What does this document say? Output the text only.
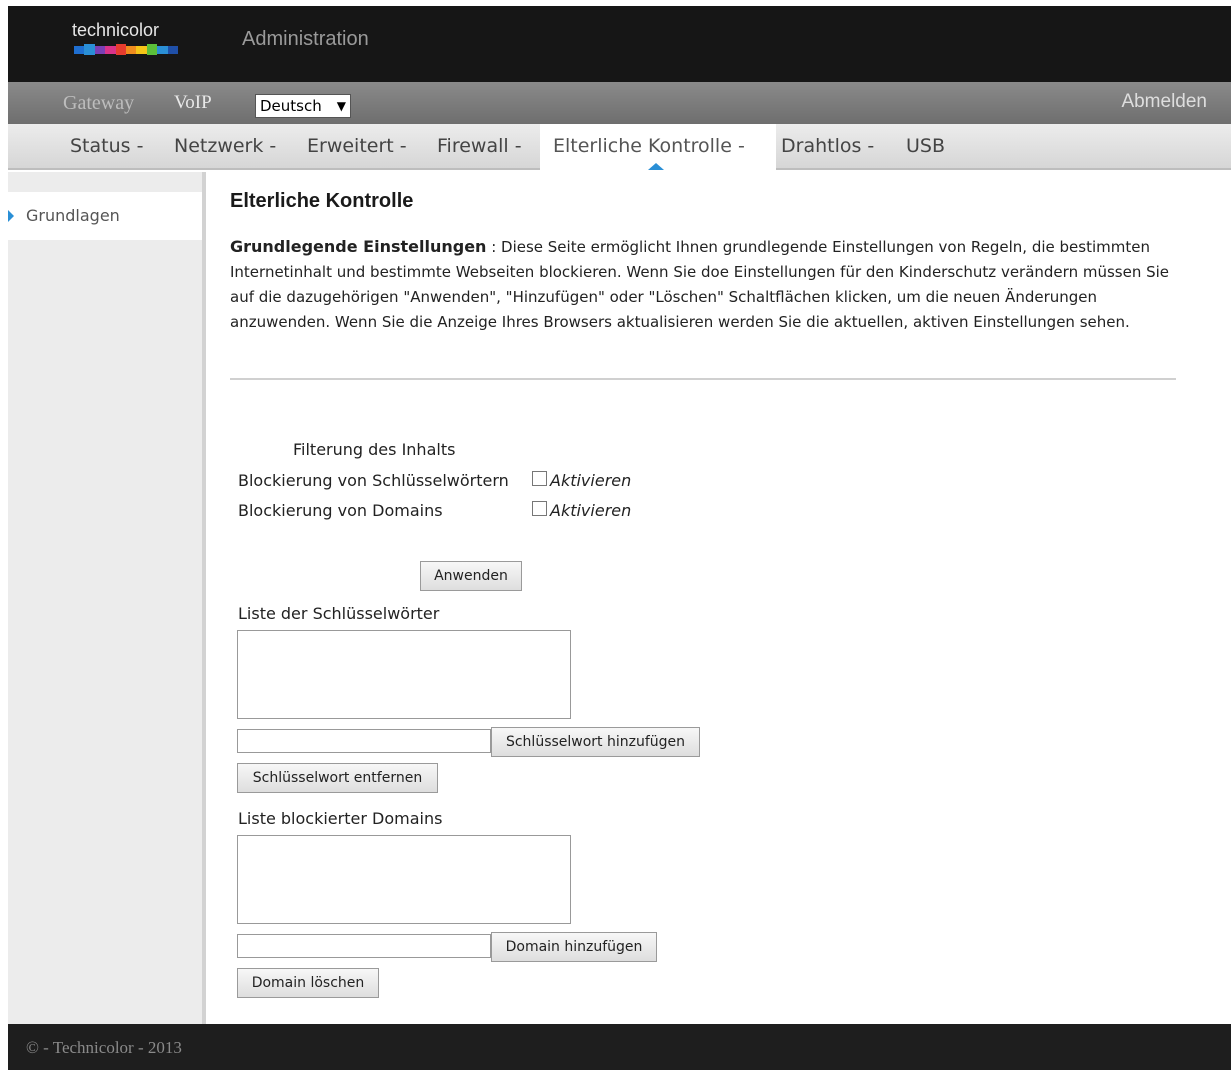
technicolor	Administration
Gateway VoIP	Deutsch ▼	Abmelden
Status - Netzwerk - Erweitert - Firewall - Elterliche Kontrolle - Drahtlos - USB
Grundlagen
Elterliche Kontrolle
Grundlegende Einstellungen : Diese Seite ermöglicht Ihnen grundlegende Einstellungen von Regeln, die bestimmten Internetinhalt und bestimmte Webseiten blockieren. Wenn Sie doe Einstellungen für den Kinderschutz verändern müssen Sie auf die dazugehörigen "Anwenden", "Hinzufügen" oder "Löschen" Schaltflächen klicken, um die neuen Änderungen anzuwenden. Wenn Sie die Anzeige Ihres Browsers aktualisieren werden Sie die aktuellen, aktiven Einstellungen sehen.
Filterung des Inhalts
Blockierung von Schlüsselwörtern	Aktivieren
Blockierung von Domains	Aktivieren
Anwenden
Liste der Schlüsselwörter
Schlüsselwort hinzufügen
Schlüsselwort entfernen
Liste blockierter Domains
Domain hinzufügen
Domain löschen
© - Technicolor - 2013
